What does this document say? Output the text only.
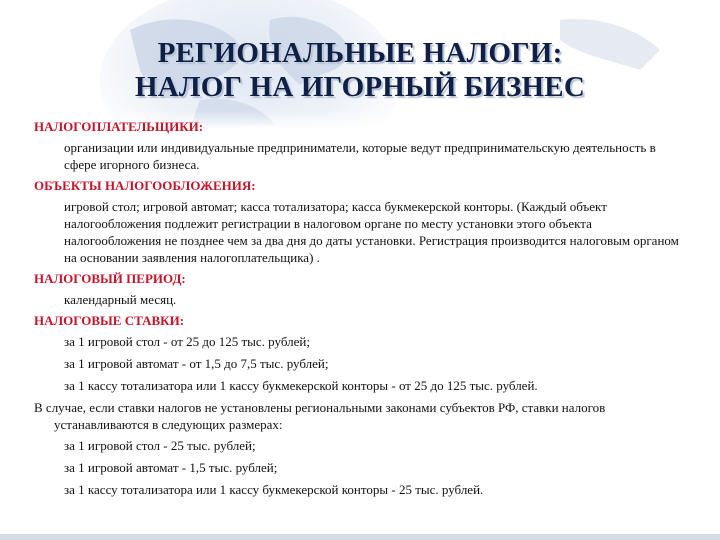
РЕГИОНАЛЬНЫЕ НАЛОГИ:
НАЛОГ НА ИГОРНЫЙ БИЗНЕС
НАЛОГОПЛАТЕЛЬЩИКИ:
организации или индивидуальные предприниматели, которые ведут предпринимательскую деятельность в сфере игорного бизнеса.
ОБЪЕКТЫ НАЛОГООБЛОЖЕНИЯ:
игровой стол; игровой автомат; касса тотализатора; касса букмекерской конторы. (Каждый объект налогообложения подлежит регистрации в налоговом органе по месту установки этого объекта налогообложения не позднее чем за два дня до даты установки. Регистрация производится налоговым органом на основании заявления налогоплательщика) .
НАЛОГОВЫЙ ПЕРИОД:
календарный месяц.
НАЛОГОВЫЕ СТАВКИ:
за 1 игровой стол - от 25 до 125 тыс. рублей;
за 1 игровой автомат - от 1,5 до 7,5 тыс. рублей;
за 1 кассу тотализатора или 1 кассу букмекерской конторы - от 25 до 125 тыс. рублей.
В случае, если ставки налогов не установлены региональными законами субъектов РФ, ставки налогов устанавливаются в следующих размерах:
за 1 игровой стол - 25 тыс. рублей;
за 1 игровой автомат - 1,5 тыс. рублей;
за 1 кассу тотализатора или 1 кассу букмекерской конторы - 25 тыс. рублей.
